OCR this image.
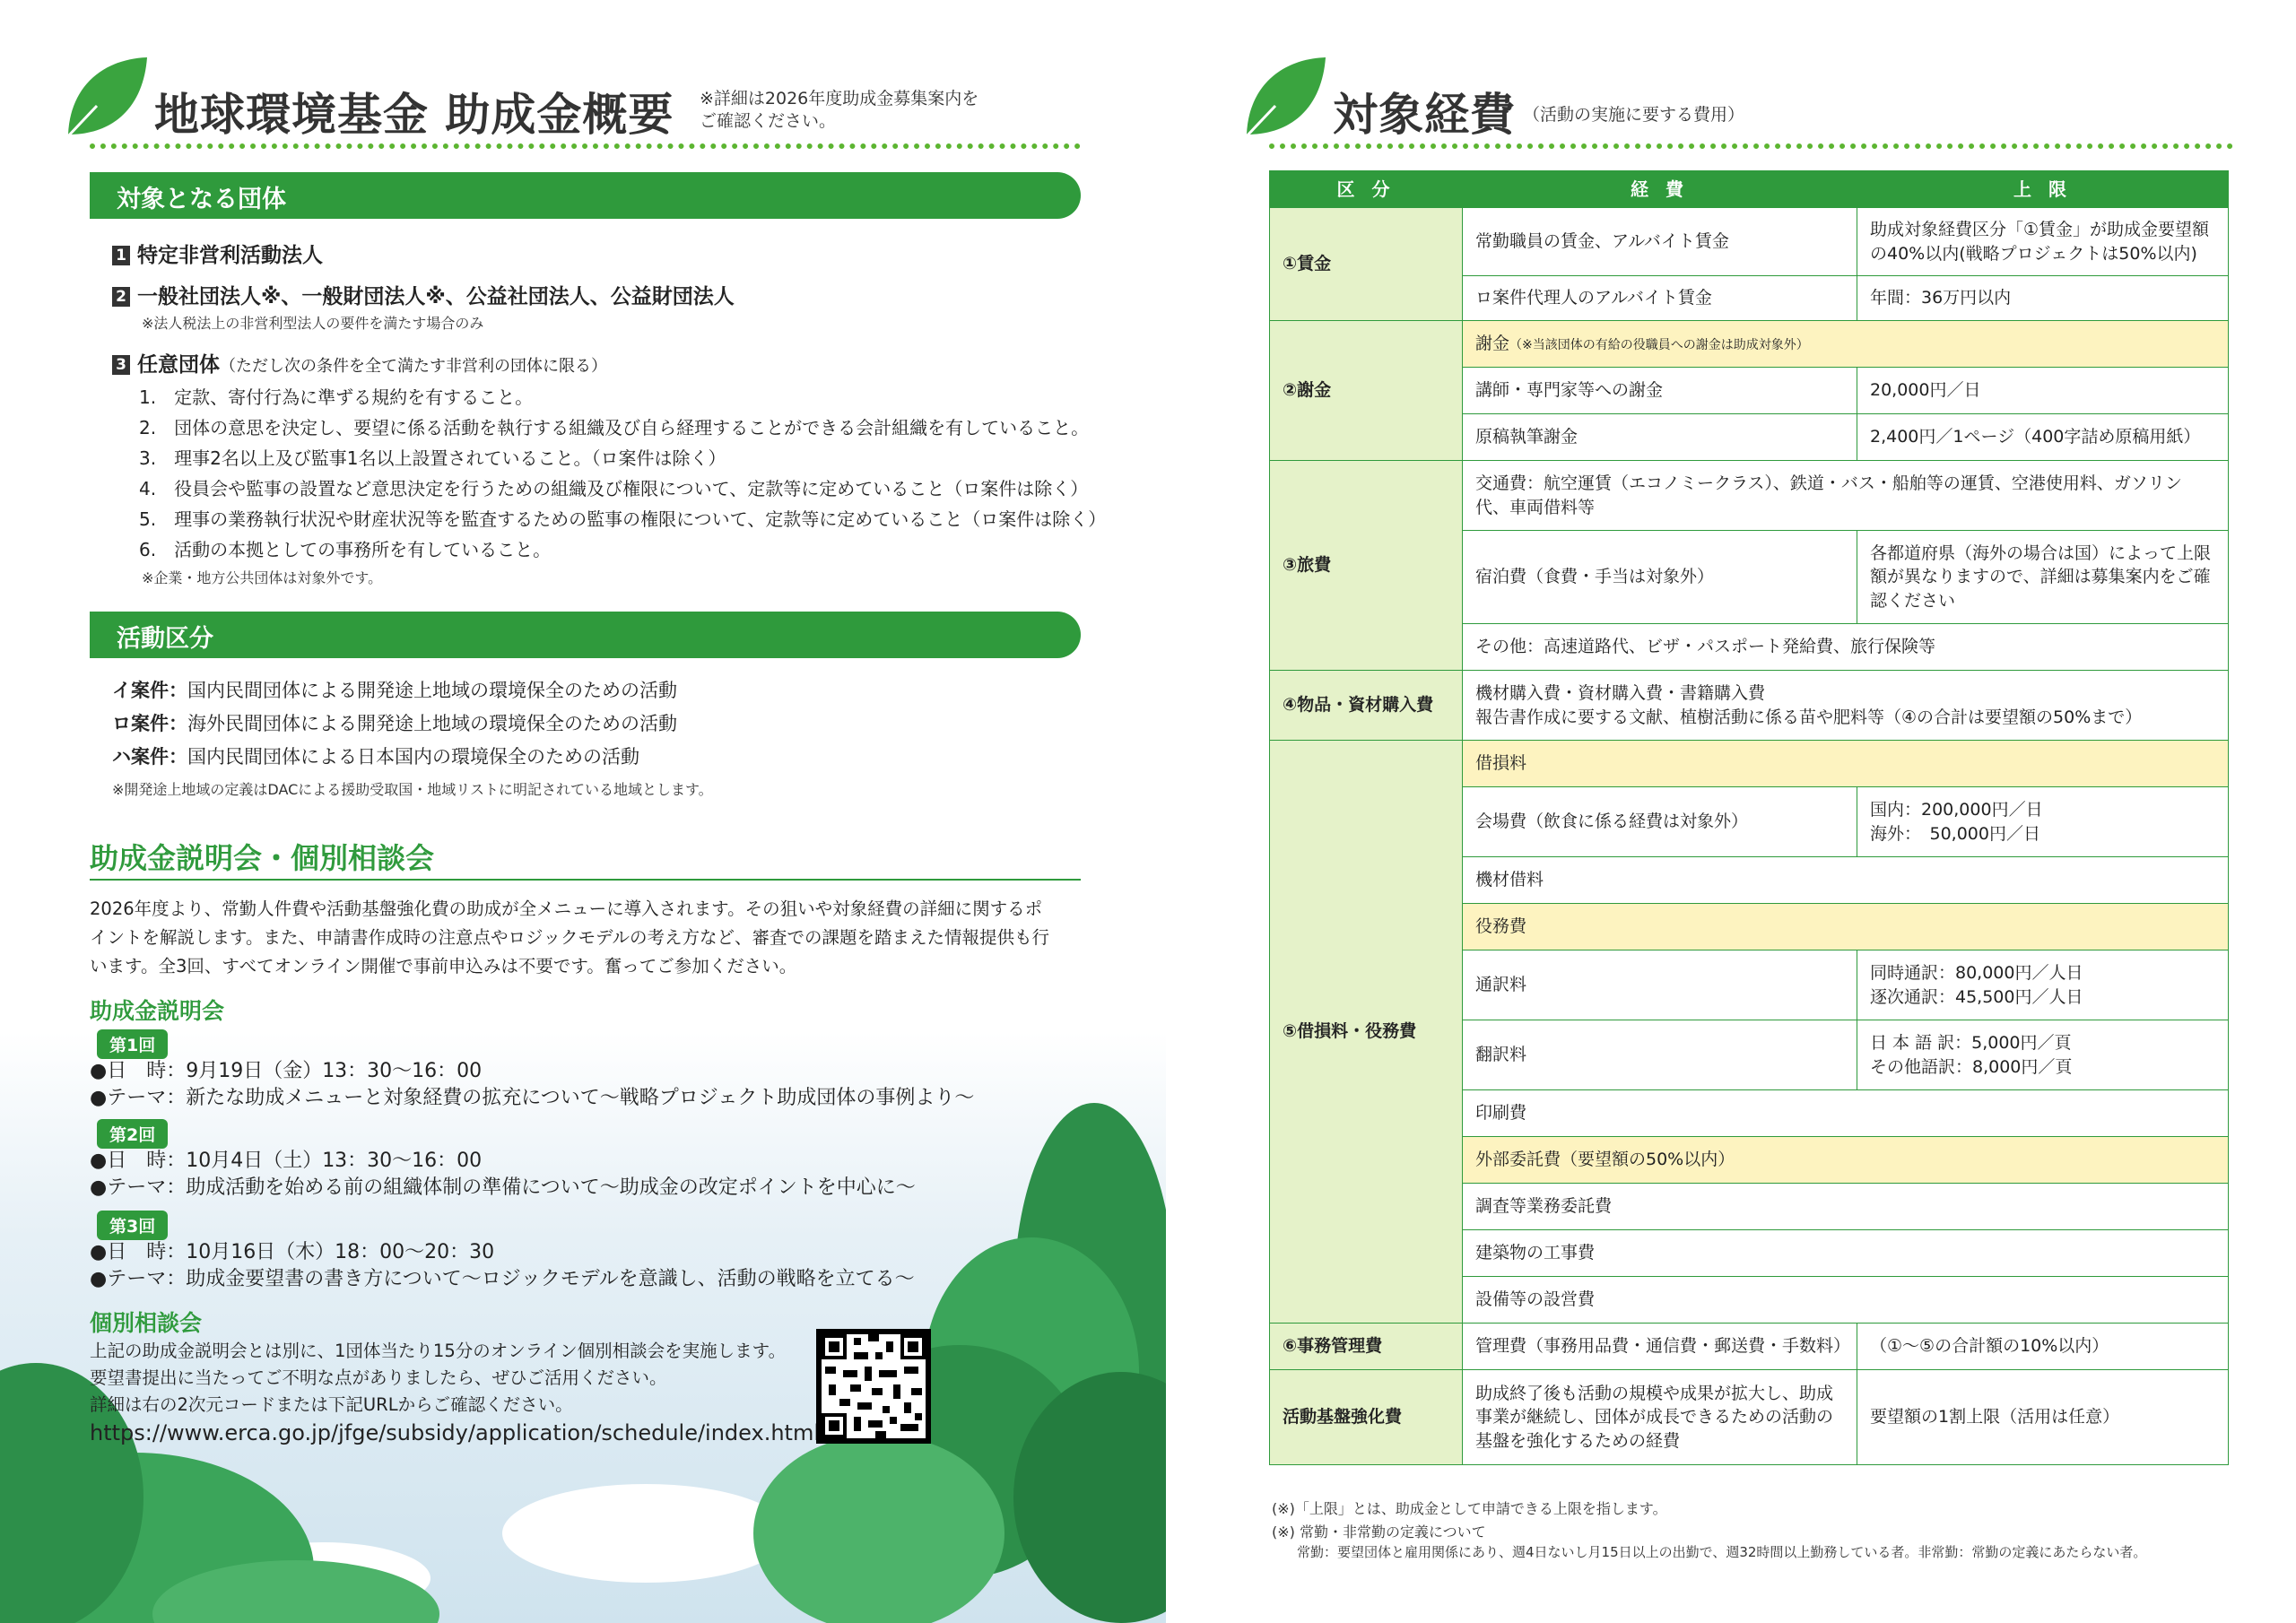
地球環境基金 助成金概要 ※詳細は2026年度助成金募集案内を
ご確認ください。
対象となる団体
1 特定非営利活動法人
2 一般社団法人※、一般財団法人※、公益社団法人、公益財団法人
※法人税法上の非営利型法人の要件を満たす場合のみ
3 任意団体（ただし次の条件を全て満たす非営利の団体に限る）
1.　定款、寄付行為に準ずる規約を有すること。
2.　団体の意思を決定し、要望に係る活動を執行する組織及び自ら経理することができる会計組織を有していること。
3.　理事2名以上及び監事1名以上設置されていること。（ロ案件は除く）
4.　役員会や監事の設置など意思決定を行うための組織及び権限について、定款等に定めていること（ロ案件は除く）
5.　理事の業務執行状況や財産状況等を監査するための監事の権限について、定款等に定めていること（ロ案件は除く）
6.　活動の本拠としての事務所を有していること。
※企業・地方公共団体は対象外です。
活動区分
イ案件：国内民間団体による開発途上地域の環境保全のための活動
ロ案件：海外民間団体による開発途上地域の環境保全のための活動
ハ案件：国内民間団体による日本国内の環境保全のための活動
※開発途上地域の定義はDACによる援助受取国・地域リストに明記されている地域とします。
助成金説明会・個別相談会
2026年度より、常勤人件費や活動基盤強化費の助成が全メニューに導入されます。その狙いや対象経費の詳細に関するポ
イントを解説します。また、申請書作成時の注意点やロジックモデルの考え方など、審査での課題を踏まえた情報提供も行
います。全3回、すべてオンライン開催で事前申込みは不要です。奮ってご参加ください。
助成金説明会
第1回
●日　時：9月19日（金）13：30〜16：00
●テーマ：新たな助成メニューと対象経費の拡充について〜戦略プロジェクト助成団体の事例より〜
第2回
●日　時：10月4日（土）13：30〜16：00
●テーマ：助成活動を始める前の組織体制の準備について〜助成金の改定ポイントを中心に〜
第3回
●日　時：10月16日（木）18：00〜20：30
●テーマ：助成金要望書の書き方について〜ロジックモデルを意識し、活動の戦略を立てる〜
個別相談会
上記の助成金説明会とは別に、1団体当たり15分のオンライン個別相談会を実施します。
要望書提出に当たってご不明な点がありましたら、ぜひご活用ください。
詳細は右の2次元コードまたは下記URLからご確認ください。
https://www.erca.go.jp/jfge/subsidy/application/schedule/index.html
対象経費 （活動の実施に要する費用）
区 分	経 費	上 限
①賃金	常勤職員の賃金、アルバイト賃金	助成対象経費区分「①賃金」が助成金要望額の40%以内(戦略プロジェクトは50%以内)
	ロ案件代理人のアルバイト賃金	年間：36万円以内
②謝金	謝金（※当該団体の有給の役職員への謝金は助成対象外）	
	講師・専門家等への謝金	20,000円／日
	原稿執筆謝金	2,400円／1ページ（400字詰め原稿用紙）
③旅費	交通費：航空運賃（エコノミークラス）、鉄道・バス・船舶等の運賃、空港使用料、ガソリン代、車両借料等	
	宿泊費（食費・手当は対象外）	各都道府県（海外の場合は国）によって上限額が異なりますので、詳細は募集案内をご確認ください
	その他：高速道路代、ビザ・パスポート発給費、旅行保険等	
④物品・資材購入費	機材購入費・資材購入費・書籍購入費
報告書作成に要する文献、植樹活動に係る苗や肥料等（④の合計は要望額の50%まで）	

⑤借損料・役務費	借損料	
	会場費（飲食に係る経費は対象外）	国内：200,000円／日
海外：　50,000円／日

	機材借料	
	役務費	
	通訳料	同時通訳：80,000円／人日
逐次通訳：45,500円／人日

	翻訳料	日 本 語 訳：5,000円／頁
その他語訳：8,000円／頁

	印刷費	
	外部委託費（要望額の50%以内）	
	調査等業務委託費	
	建築物の工事費	
	設備等の設営費	

⑥事務管理費	管理費（事務用品費・通信費・郵送費・手数料）	（①〜⑤の合計額の10%以内）
活動基盤強化費	助成終了後も活動の規模や成果が拡大し、助成事業が継続し、団体が成長できるための活動の基盤を強化するための経費	要望額の1割上限（活用は任意）
(※)「上限」とは、助成金として申請できる上限を指します。
(※) 常勤・非常勤の定義について
常勤：要望団体と雇用関係にあり、週4日ないし月15日以上の出勤で、週32時間以上勤務している者。非常勤：常勤の定義にあたらない者。
